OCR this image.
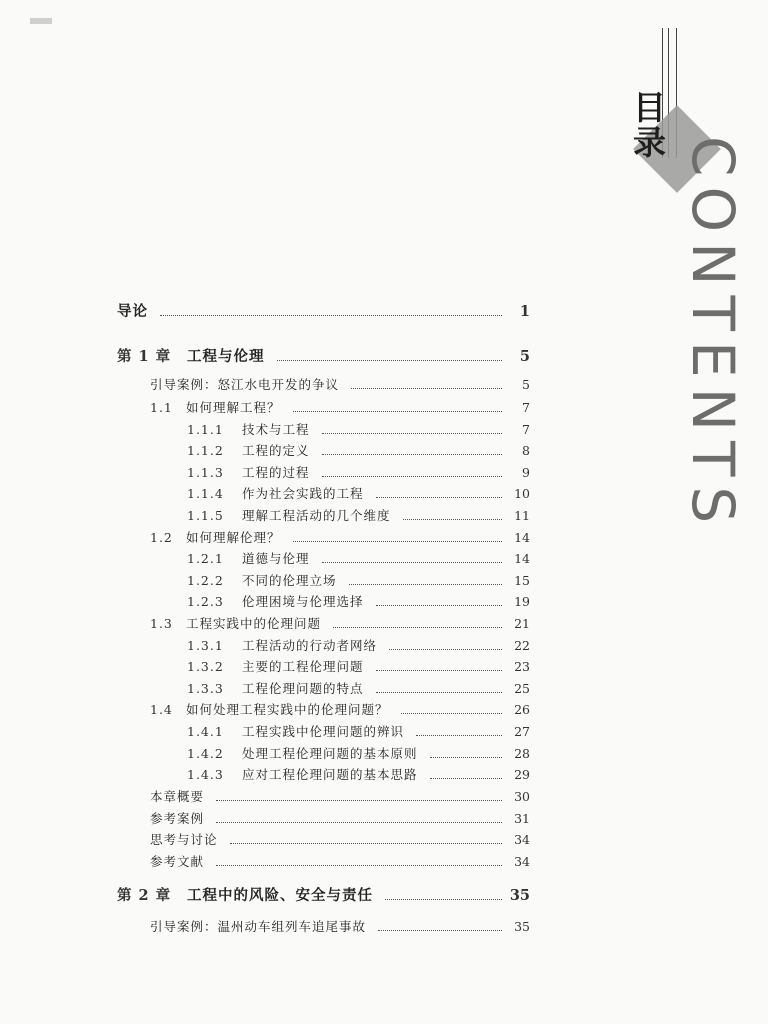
目
录 CONTENTS
导论	1
第 1 章	工程与伦理	5
引导案例：怒江水电开发的争议	5
1.1	如何理解工程？	7
1.1.1	技术与工程	7
1.1.2	工程的定义	8
1.1.3	工程的过程	9
1.1.4	作为社会实践的工程	10
1.1.5	理解工程活动的几个维度	11
1.2	如何理解伦理？	14
1.2.1	道德与伦理	14
1.2.2	不同的伦理立场	15
1.2.3	伦理困境与伦理选择	19
1.3	工程实践中的伦理问题	21
1.3.1	工程活动的行动者网络	22
1.3.2	主要的工程伦理问题	23
1.3.3	工程伦理问题的特点	25
1.4	如何处理工程实践中的伦理问题？	26
1.4.1	工程实践中伦理问题的辨识	27
1.4.2	处理工程伦理问题的基本原则	28
1.4.3	应对工程伦理问题的基本思路	29
本章概要	30
参考案例	31
思考与讨论	34
参考文献	34
第 2 章	工程中的风险、安全与责任	35
引导案例：温州动车组列车追尾事故	35
